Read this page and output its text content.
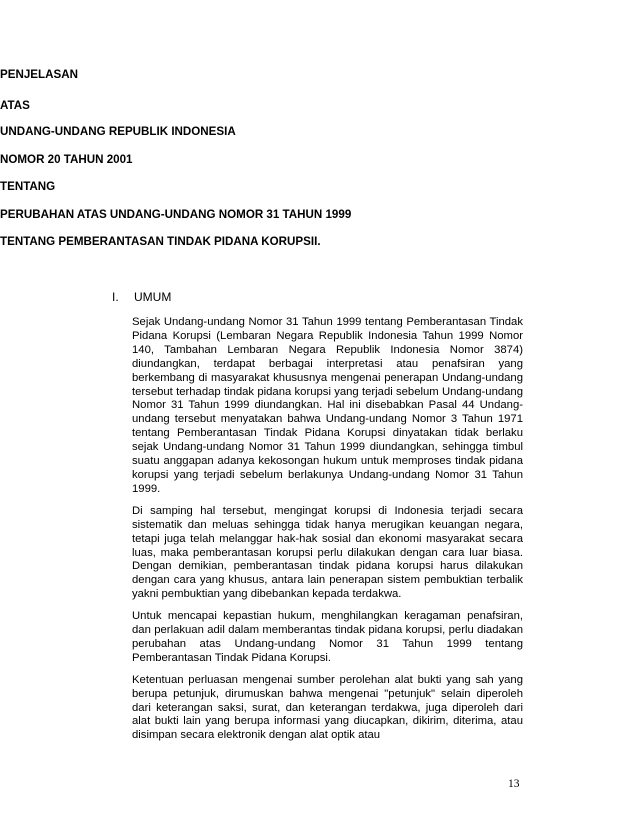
PENJELASAN
ATAS
UNDANG-UNDANG REPUBLIK INDONESIA
NOMOR 20 TAHUN 2001
TENTANG
PERUBAHAN ATAS UNDANG-UNDANG NOMOR 31 TAHUN 1999
TENTANG PEMBERANTASAN TINDAK PIDANA KORUPSII.
I. UMUM

Sejak Undang-undang Nomor 31 Tahun 1999 tentang Pemberantasan Tindak Pidana Korupsi (Lembaran Negara Republik Indonesia Tahun 1999 Nomor 140, Tambahan Lembaran Negara Republik Indonesia Nomor 3874) diundangkan, terdapat berbagai interpretasi atau penafsiran yang berkembang di masyarakat khususnya mengenai penerapan Undang-undang tersebut terhadap tindak pidana korupsi yang terjadi sebelum Undang-undang Nomor 31 Tahun 1999 diundangkan. Hal ini disebabkan Pasal 44 Undang-undang tersebut menyatakan bahwa Undang-undang Nomor 3 Tahun 1971 tentang Pemberantasan Tindak Pidana Korupsi dinyatakan tidak berlaku sejak Undang-undang Nomor 31 Tahun 1999 diundangkan, sehingga timbul suatu anggapan adanya kekosongan hukum untuk memproses tindak pidana korupsi yang terjadi sebelum berlakunya Undang-undang Nomor 31 Tahun 1999.

Di samping hal tersebut, mengingat korupsi di Indonesia terjadi secara sistematik dan meluas sehingga tidak hanya merugikan keuangan negara, tetapi juga telah melanggar hak-hak sosial dan ekonomi masyarakat secara luas, maka pemberantasan korupsi perlu dilakukan dengan cara luar biasa. Dengan demikian, pemberantasan tindak pidana korupsi harus dilakukan dengan cara yang khusus, antara lain penerapan sistem pembuktian terbalik yakni pembuktian yang dibebankan kepada terdakwa.

Untuk mencapai kepastian hukum, menghilangkan keragaman penafsiran, dan perlakuan adil dalam memberantas tindak pidana korupsi, perlu diadakan perubahan atas Undang-undang Nomor 31 Tahun 1999 tentang Pemberantasan Tindak Pidana Korupsi.

Ketentuan perluasan mengenai sumber perolehan alat bukti yang sah yang berupa petunjuk, dirumuskan bahwa mengenai "petunjuk" selain diperoleh dari keterangan saksi, surat, dan keterangan terdakwa, juga diperoleh dari alat bukti lain yang berupa informasi yang diucapkan, dikirim, diterima, atau disimpan secara elektronik dengan alat optik atau

13
